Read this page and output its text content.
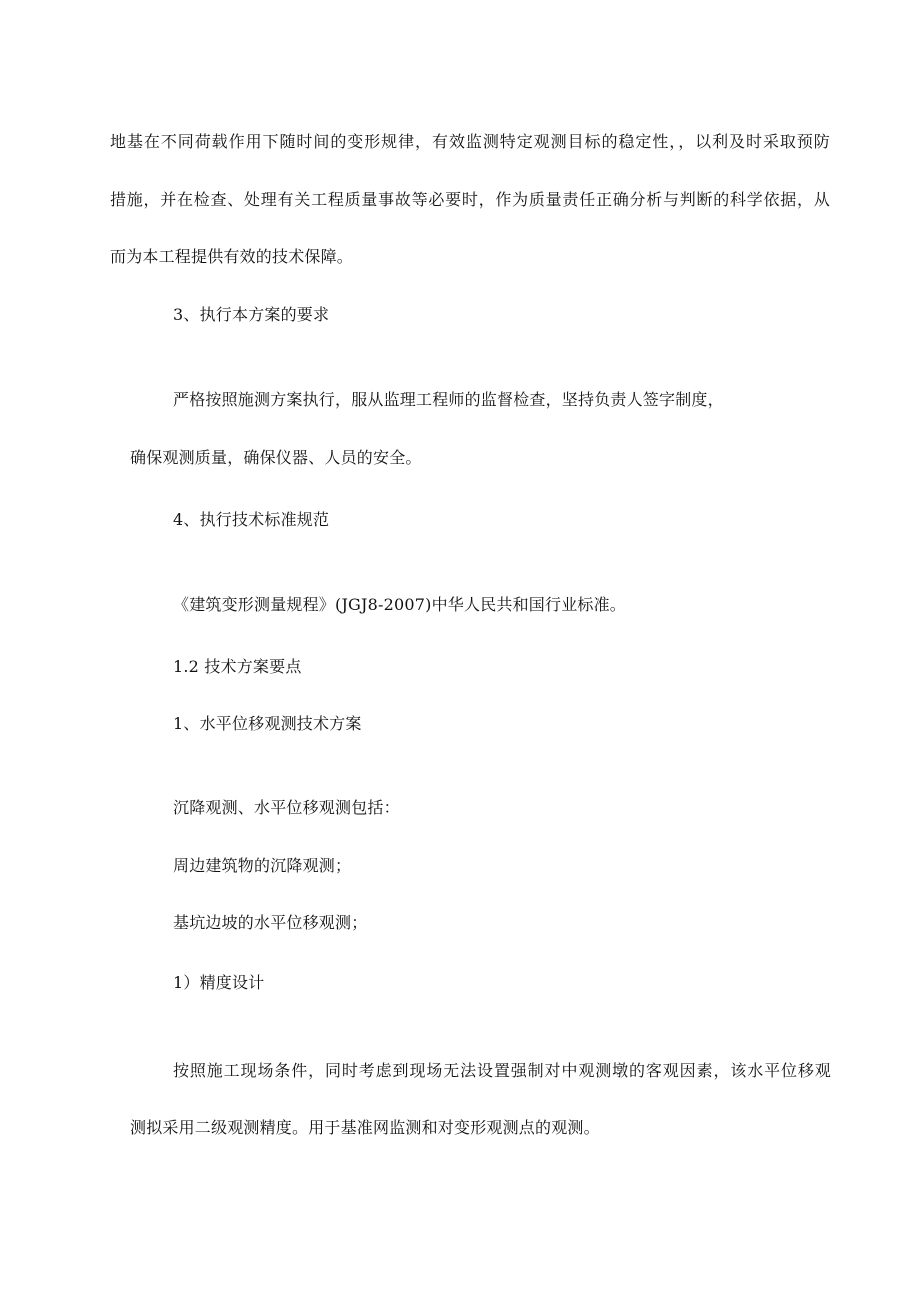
地基在不同荷载作用下随时间的变形规律，有效监测特定观测目标的稳定性，，以利及时采取预防
措施，并在检查、处理有关工程质量事故等必要时，作为质量责任正确分析与判断的科学依据，从
而为本工程提供有效的技术保障。
3、执行本方案的要求
严格按照施测方案执行，服从监理工程师的监督检查，坚持负责人签字制度，
确保观测质量，确保仪器、人员的安全。
4、执行技术标准规范
《建筑变形测量规程》(JGJ8-2007)中华人民共和国行业标准。
1.2 技术方案要点
1、水平位移观测技术方案
沉降观测、水平位移观测包括：
周边建筑物的沉降观测；
基坑边坡的水平位移观测；
1）精度设计
按照施工现场条件，同时考虑到现场无法设置强制对中观测墩的客观因素，该水平位移观
测拟采用二级观测精度。用于基准网监测和对变形观测点的观测。
